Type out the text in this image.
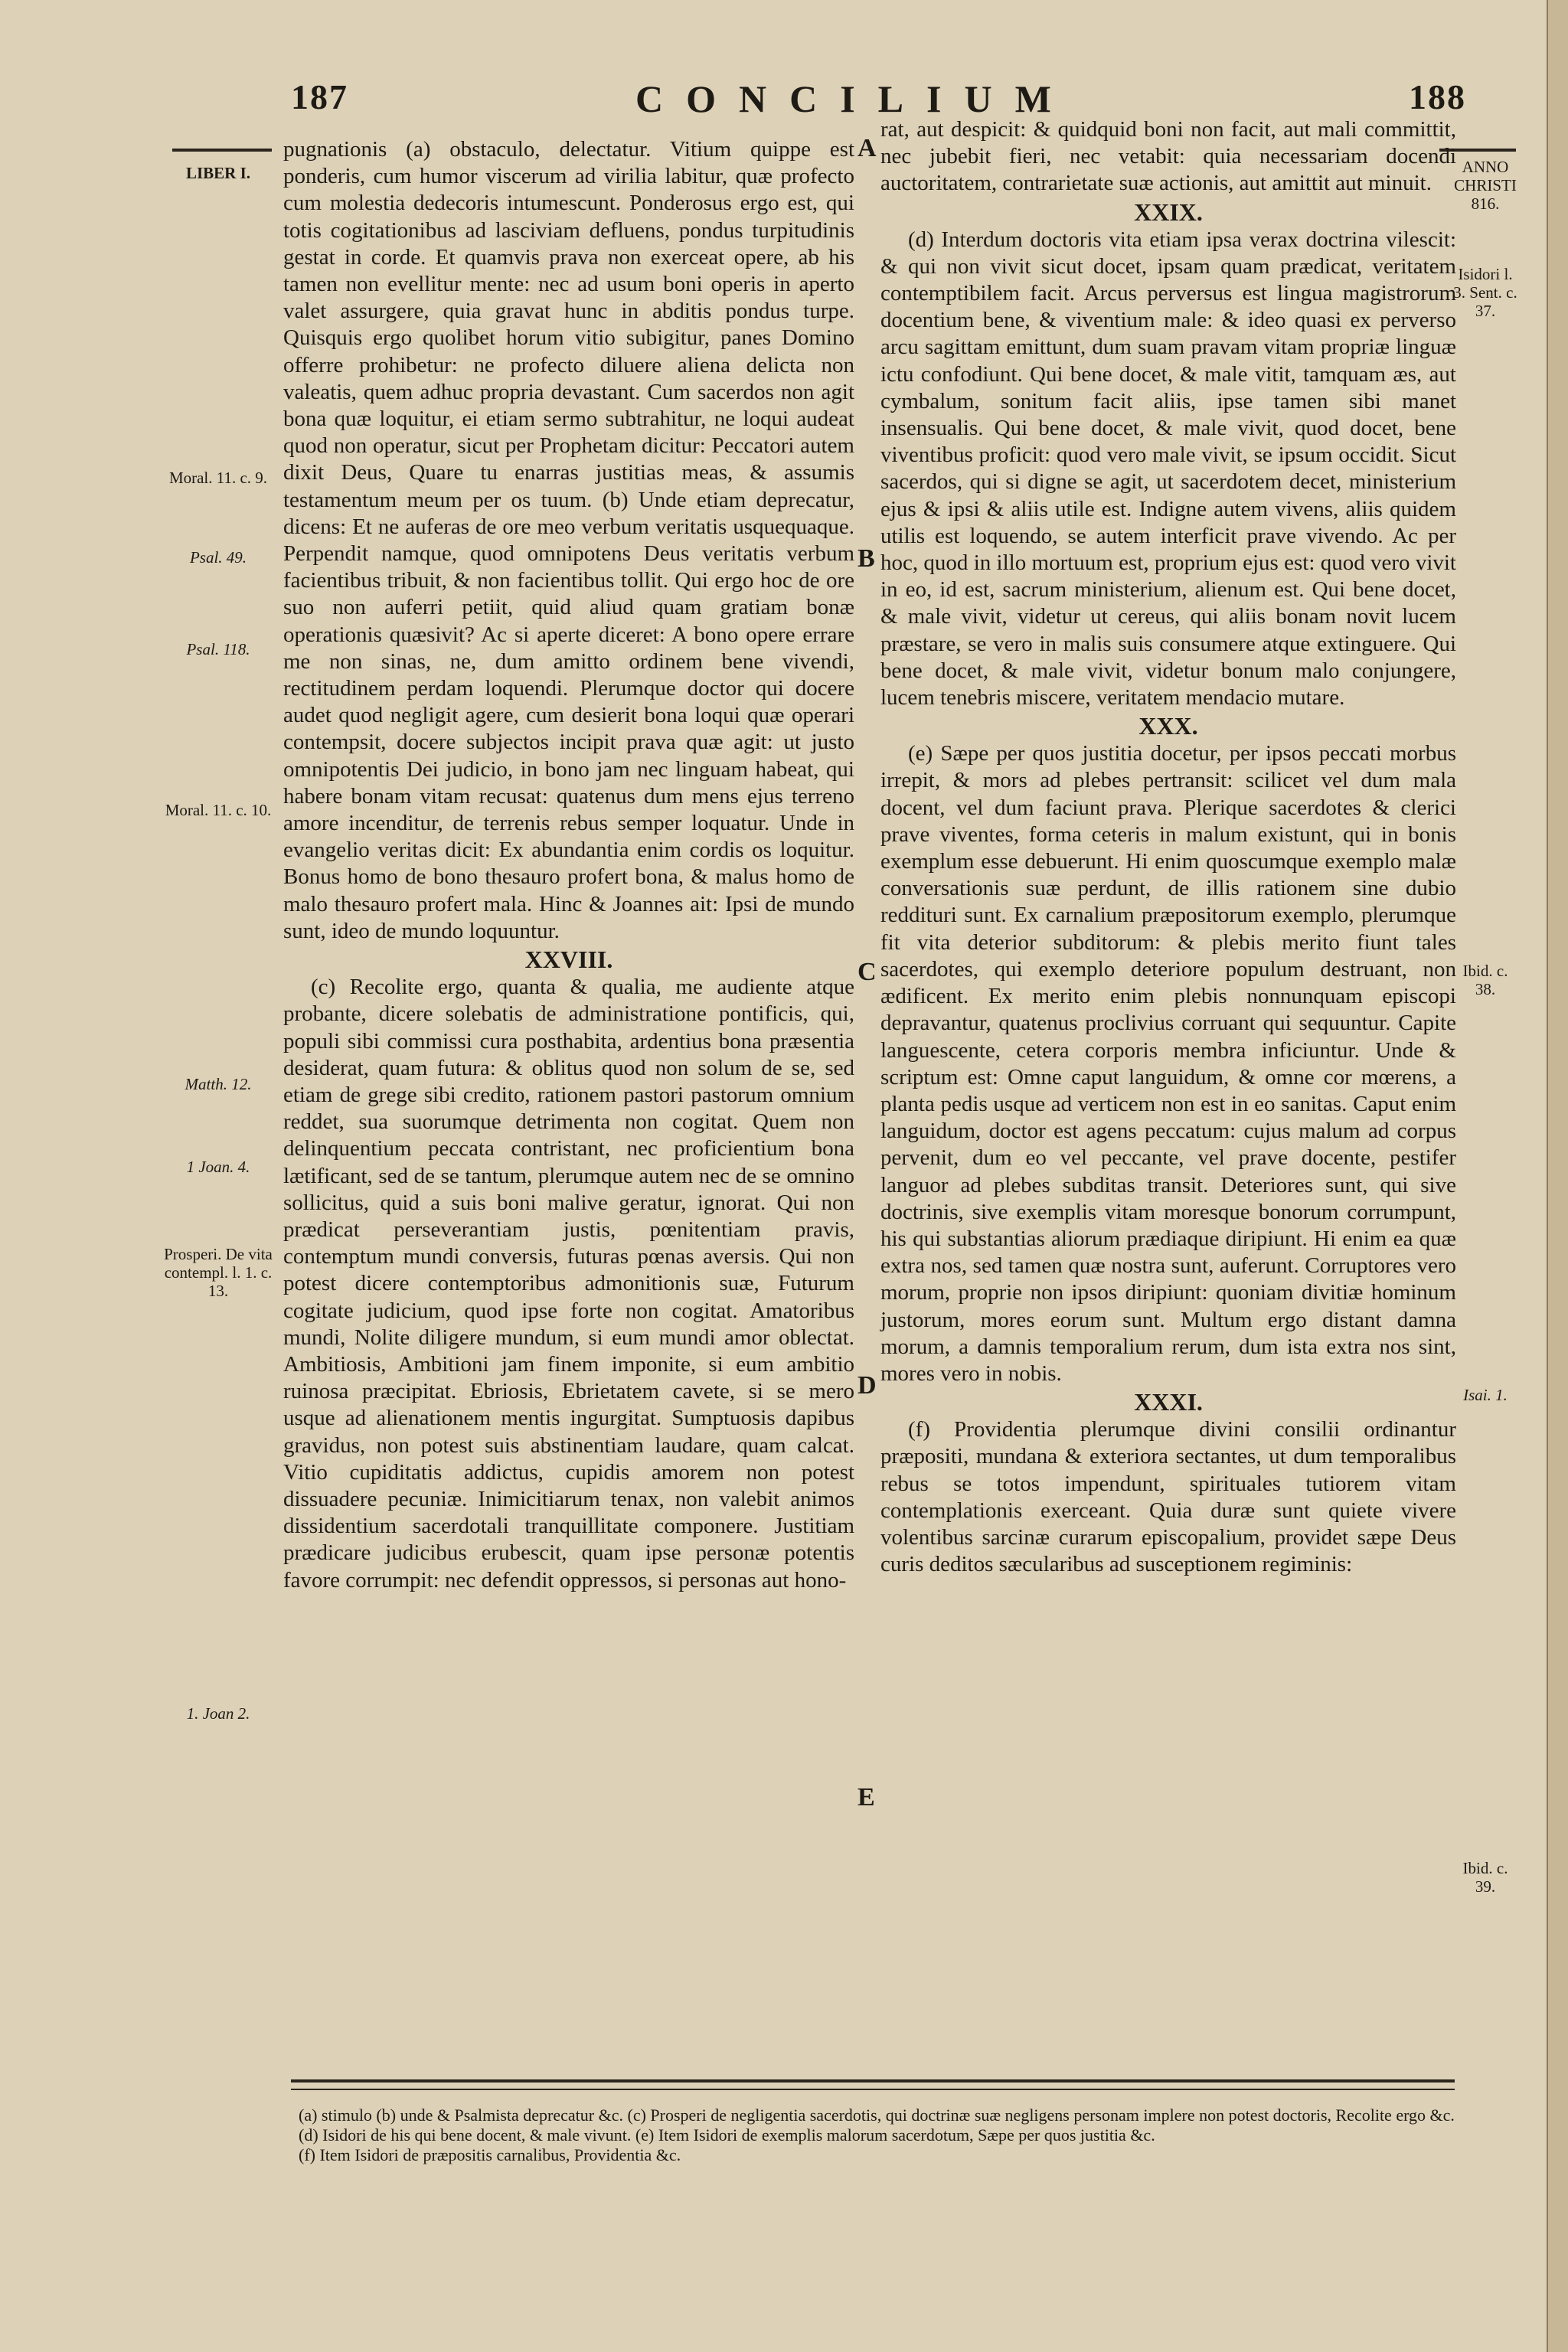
187	CONCILIUM	188
LIBER I.
Moral. 11. c. 9.
Psal. 49.
Psal. 118.
Moral. 11. c. 10.
Matth. 12.
1 Joan. 4.
Prosperi. De vita contempl. l. 1. c. 13.
1. Joan 2.
ANNO CHRISTI 816.
Isidori l. 3. Sent. c. 37.
Ibid. c. 38.
Isai. 1.
Ibid. c. 39.
A
B
C
D
E

pugnationis (a) obstaculo, delectatur. Vitium quippe est ponderis, cum humor viscerum ad virilia labitur, quæ profecto cum molestia dedecoris intumescunt. Ponderosus ergo est, qui totis cogitationibus ad lasciviam defluens, pondus turpitudinis gestat in corde. Et quamvis prava non exerceat opere, ab his tamen non evellitur mente: nec ad usum boni operis in aperto valet assurgere, quia gravat hunc in abditis pondus turpe. Quisquis ergo quolibet horum vitio subigitur, panes Domino offerre prohibetur: ne profecto diluere aliena delicta non valeatis, quem adhuc propria devastant. Cum sacerdos non agit bona quæ loquitur, ei etiam sermo subtrahitur, ne loqui audeat quod non operatur, sicut per Prophetam dicitur: Peccatori autem dixit Deus, Quare tu enarras justitias meas, & assumis testamentum meum per os tuum. (b) Unde etiam deprecatur, dicens: Et ne auferas de ore meo verbum veritatis usquequaque. Perpendit namque, quod omnipotens Deus veritatis verbum facientibus tribuit, & non facientibus tollit. Qui ergo hoc de ore suo non auferri petiit, quid aliud quam gratiam bonæ operationis quæsivit? Ac si aperte diceret: A bono opere errare me non sinas, ne, dum amitto ordinem bene vivendi, rectitudinem perdam loquendi. Plerumque doctor qui docere audet quod negligit agere, cum desierit bona loqui quæ operari contempsit, docere subjectos incipit prava quæ agit: ut justo omnipotentis Dei judicio, in bono jam nec linguam habeat, qui habere bonam vitam recusat: quatenus dum mens ejus terreno amore incenditur, de terrenis rebus semper loquatur. Unde in evangelio veritas dicit: Ex abundantia enim cordis os loquitur. Bonus homo de bono thesauro profert bona, & malus homo de malo thesauro profert mala. Hinc & Joannes ait: Ipsi de mundo sunt, ideo de mundo loquuntur.

XXVIII.

(c) Recolite ergo, quanta & qualia, me audiente atque probante, dicere solebatis de administratione pontificis, qui, populi sibi commissi cura posthabita, ardentius bona præsentia desiderat, quam futura: & oblitus quod non solum de se, sed etiam de grege sibi credito, rationem pastori pastorum omnium reddet, sua suorumque detrimenta non cogitat. Quem non delinquentium peccata contristant, nec proficientium bona lætificant, sed de se tantum, plerumque autem nec de se omnino sollicitus, quid a suis boni malive geratur, ignorat. Qui non prædicat perseverantiam justis, pœnitentiam pravis, contemptum mundi conversis, futuras pœnas aversis. Qui non potest dicere contemptoribus admonitionis suæ, Futurum cogitate judicium, quod ipse forte non cogitat. Amatoribus mundi, Nolite diligere mundum, si eum mundi amor oblectat. Ambitiosis, Ambitioni jam finem imponite, si eum ambitio ruinosa præcipitat. Ebriosis, Ebrietatem cavete, si se mero usque ad alienationem mentis ingurgitat. Sumptuosis dapibus gravidus, non potest suis abstinentiam laudare, quam calcat. Vitio cupiditatis addictus, cupidis amorem non potest dissuadere pecuniæ. Inimicitiarum tenax, non valebit animos dissidentium sacerdotali tranquillitate componere. Justitiam prædicare judicibus erubescit, quam ipse personæ potentis favore corrumpit: nec defendit oppressos, si personas aut hono-

rat, aut despicit: & quidquid boni non facit, aut mali committit, nec jubebit fieri, nec vetabit: quia necessariam docendi auctoritatem, contrarietate suæ actionis, aut amittit aut minuit.

XXIX.

(d) Interdum doctoris vita etiam ipsa verax doctrina vilescit: & qui non vivit sicut docet, ipsam quam prædicat, veritatem contemptibilem facit. Arcus perversus est lingua magistrorum docentium bene, & viventium male: & ideo quasi ex perverso arcu sagittam emittunt, dum suam pravam vitam propriæ linguæ ictu confodiunt. Qui bene docet, & male vitit, tamquam æs, aut cymbalum, sonitum facit aliis, ipse tamen sibi manet insensualis. Qui bene docet, & male vivit, quod docet, bene viventibus proficit: quod vero male vivit, se ipsum occidit. Sicut sacerdos, qui si digne se agit, ut sacerdotem decet, ministerium ejus & ipsi & aliis utile est. Indigne autem vivens, aliis quidem utilis est loquendo, se autem interficit prave vivendo. Ac per hoc, quod in illo mortuum est, proprium ejus est: quod vero vivit in eo, id est, sacrum ministerium, alienum est. Qui bene docet, & male vivit, videtur ut cereus, qui aliis bonam novit lucem præstare, se vero in malis suis consumere atque extinguere. Qui bene docet, & male vivit, videtur bonum malo conjungere, lucem tenebris miscere, veritatem mendacio mutare.

XXX.

(e) Sæpe per quos justitia docetur, per ipsos peccati morbus irrepit, & mors ad plebes pertransit: scilicet vel dum mala docent, vel dum faciunt prava. Plerique sacerdotes & clerici prave viventes, forma ceteris in malum existunt, qui in bonis exemplum esse debuerunt. Hi enim quoscumque exemplo malæ conversationis suæ perdunt, de illis rationem sine dubio reddituri sunt. Ex carnalium præpositorum exemplo, plerumque fit vita deterior subditorum: & plebis merito fiunt tales sacerdotes, qui exemplo deteriore populum destruant, non ædificent. Ex merito enim plebis nonnunquam episcopi depravantur, quatenus proclivius corruant qui sequuntur. Capite languescente, cetera corporis membra inficiuntur. Unde & scriptum est: Omne caput languidum, & omne cor mœrens, a planta pedis usque ad verticem non est in eo sanitas. Caput enim languidum, doctor est agens peccatum: cujus malum ad corpus pervenit, dum eo vel peccante, vel prave docente, pestifer languor ad plebes subditas transit. Deteriores sunt, qui sive doctrinis, sive exemplis vitam moresque bonorum corrumpunt, his qui substantias aliorum prædiaque diripiunt. Hi enim ea quæ extra nos, sed tamen quæ nostra sunt, auferunt. Corruptores vero morum, proprie non ipsos diripiunt: quoniam divitiæ hominum justorum, mores eorum sunt. Multum ergo distant damna morum, a damnis temporalium rerum, dum ista extra nos sint, mores vero in nobis.

XXXI.

(f) Providentia plerumque divini consilii ordinantur præpositi, mundana & exteriora sectantes, ut dum temporalibus rebus se totos impendunt, spirituales tutiorem vitam contemplationis exerceant. Quia duræ sunt quiete vivere volentibus sarcinæ curarum episcopalium, providet sæpe Deus curis deditos sæcularibus ad susceptionem regiminis:

(a) stimulo (b) unde & Psalmista deprecatur &c. (c) Prosperi de negligentia sacerdotis, qui doctrinæ suæ negligens personam implere non potest doctoris, Recolite ergo &c. (d) Isidori de his qui bene docent, & male vivunt. (e) Item Isidori de exemplis malorum sacerdotum, Sæpe per quos justitia &c.

(f) Item Isidori de præpositis carnalibus, Providentia &c.
